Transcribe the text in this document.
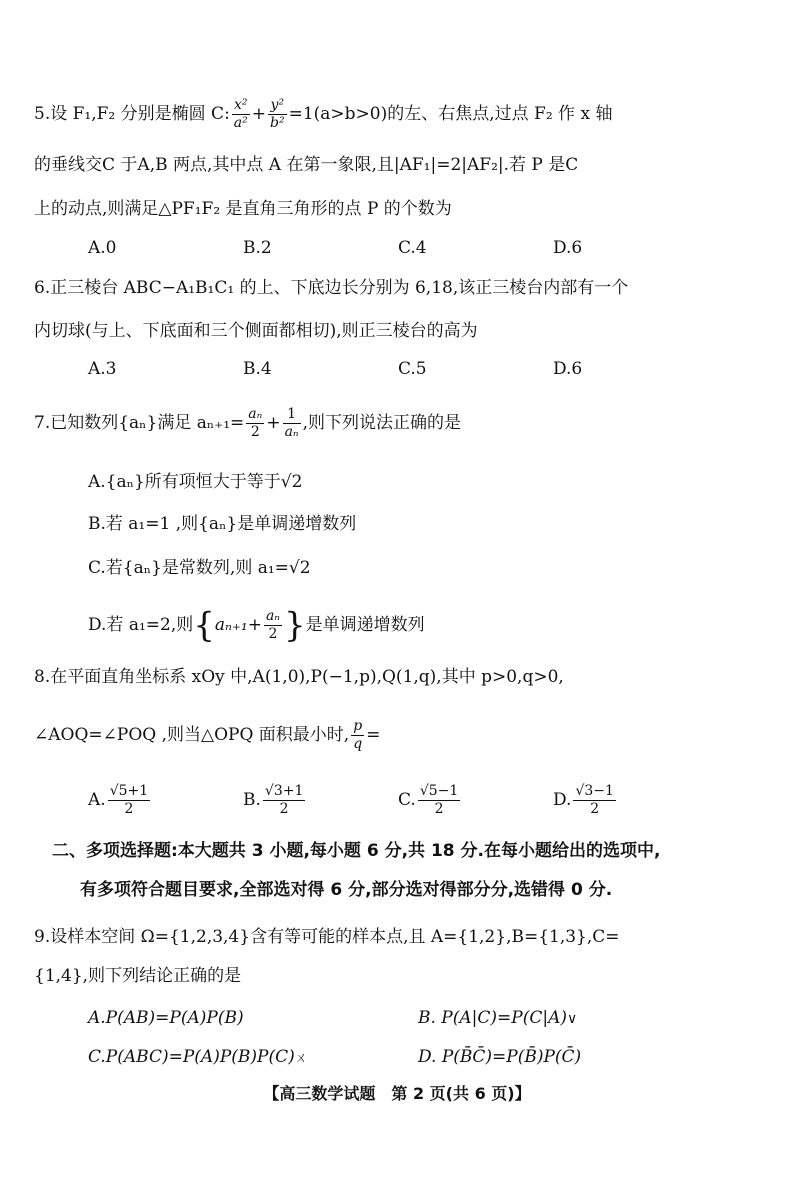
5.设 F₁,F₂ 分别是椭圆 C: $\frac{\text{x²}}{\text{a²}} + \frac{\text{y²}}{\text{b²}} =1(a>b>0)$的左、右焦点,过点 F₂ 作 x 轴
的垂线交C 于A,B 两点,其中点 A 在第一象限,且|AF₁|=2|AF₂|.若 P 是C
上的动点,则满足△PF₁F₂ 是直角三角形的点 P 的个数为
A.0	B.2	C.4	D.6
6.正三棱台 ABC−A₁B₁C₁ 的上、下底边长分别为 6,18,该正三棱台内部有一个
内切球(与上、下底面和三个侧面都相切),则正三棱台的高为
A.3	B.4	C.5	D.6
7.已知数列{aₙ}满足 $a_{n+1}= \frac{\text{aₙ}}{2} + \frac{1}{\text{aₙ}}$ ,则下列说法正确的是
A.{aₙ}所有项恒大于等于√2
B.若 a₁=1 ,则{aₙ}是单调递增数列
C.若{aₙ}是常数列,则 a₁=√2
D.若 a₁=2,则{$a_{n+1}+ \frac{\text{aₙ}}{2}$ }是单调递增数列
8.在平面直角坐标系 xOy 中,A(1,0),P(−1,p),Q(1,q),其中 p>0,q>0,
∠AOQ=∠POQ ,则当△OPQ 面积最小时, $\frac{p}{q}$ =
A. $\frac{√5+1}{2}$	B. $\frac{√3+1}{2}$	C. $\frac{√5-1}{2}$	D. $\frac{√3-1}{2}$
二、多项选择题:本大题共 3 小题,每小题 6 分,共 18 分.在每小题给出的选项中,
有多项符合题目要求,全部选对得 6 分,部分选对得部分分,选错得 0 分.
9.设样本空间 Ω={1,2,3,4}含有等可能的样本点,且 A={1,2},B={1,3},C=
{1,4},则下列结论正确的是
A.P(AB)=P(A)P(B)	B. P(A|C)=P(C|A)∨
C.P(ABC)=P(A)P(B)P(C)ㄨ	D. P(B̄C̄)=P(B̄)P(C̄)
【高三数学试题　第 2 页(共 6 页)】
